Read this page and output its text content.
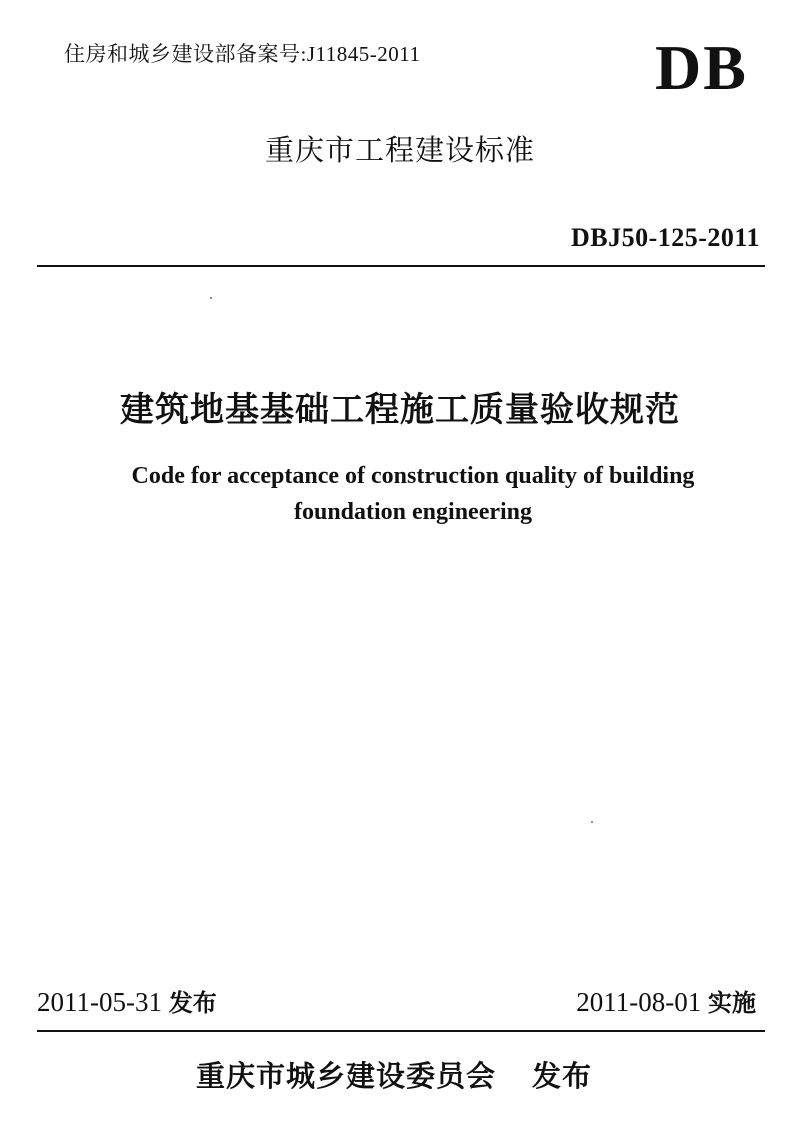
住房和城乡建设部备案号:J11845-2011	DB
重庆市工程建设标准
DBJ50-125-2011
建筑地基基础工程施工质量验收规范
Code for acceptance of construction quality of building
foundation engineering
2011-05-31 发布	2011-08-01 实施
重庆市城乡建设委员会 发布
